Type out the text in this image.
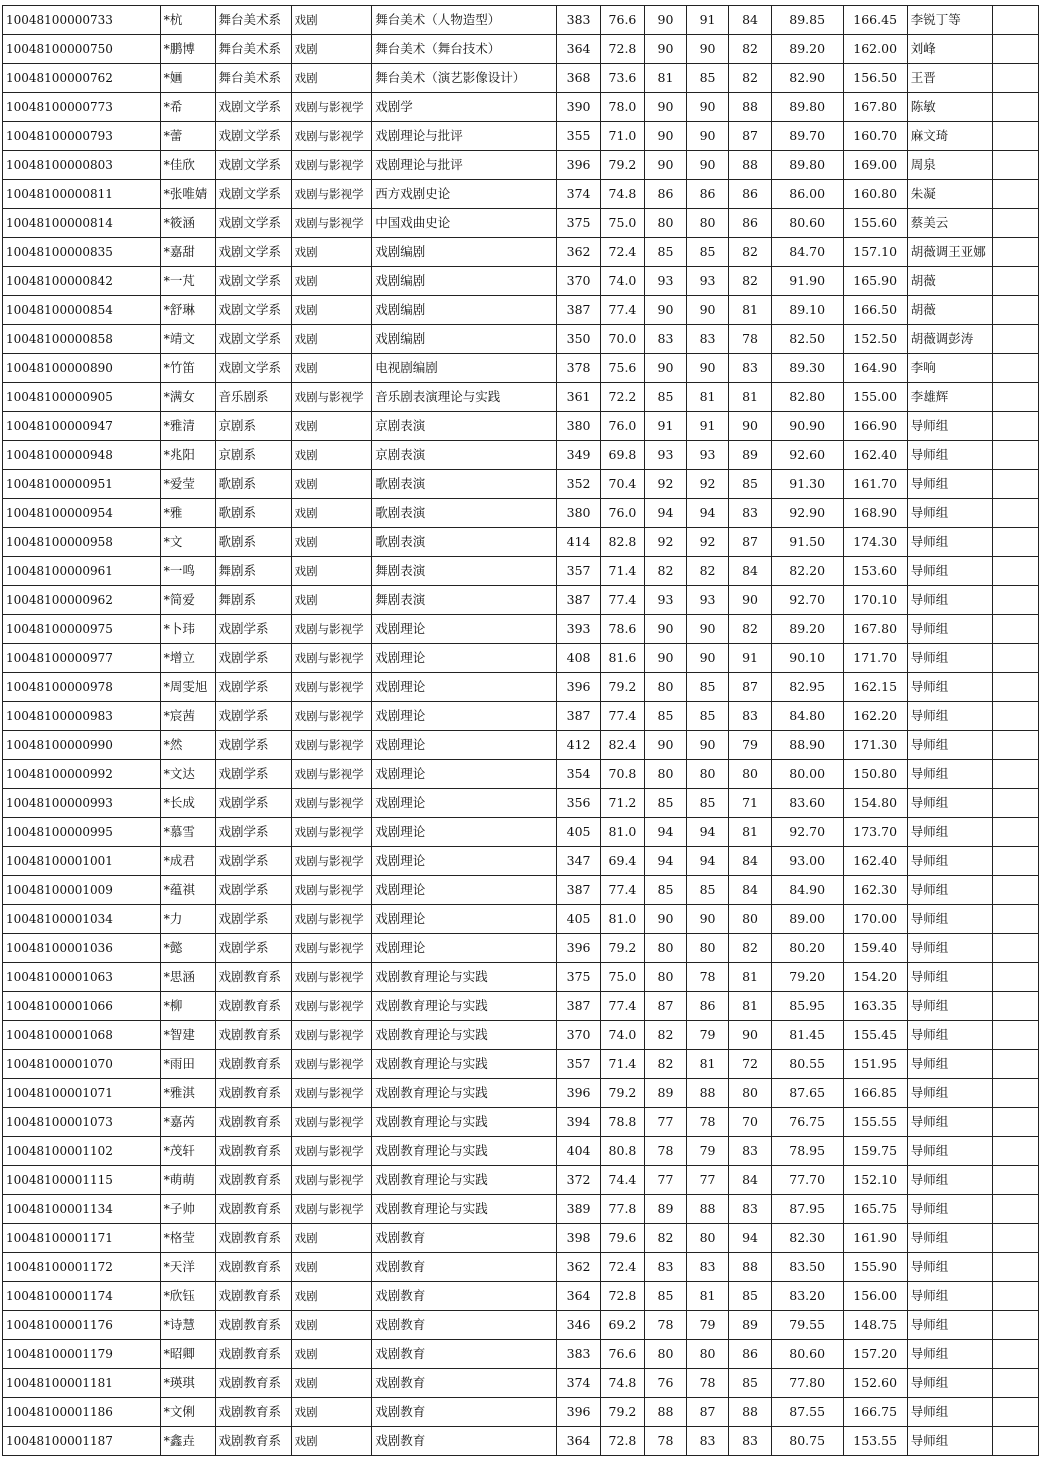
10048100000733	*杭	舞台美术系	戏剧	舞台美术（人物造型）	383	76.6	90	91	84	89.85	166.45	李锐丁等	
10048100000750	*鹏博	舞台美术系	戏剧	舞台美术（舞台技术）	364	72.8	90	90	82	89.20	162.00	刘峰	
10048100000762	*婳	舞台美术系	戏剧	舞台美术（演艺影像设计）	368	73.6	81	85	82	82.90	156.50	王晋	
10048100000773	*希	戏剧文学系	戏剧与影视学	戏剧学	390	78.0	90	90	88	89.80	167.80	陈敏	
10048100000793	*蕾	戏剧文学系	戏剧与影视学	戏剧理论与批评	355	71.0	90	90	87	89.70	160.70	麻文琦	
10048100000803	*佳欣	戏剧文学系	戏剧与影视学	戏剧理论与批评	396	79.2	90	90	88	89.80	169.00	周泉	
10048100000811	*张唯婧	戏剧文学系	戏剧与影视学	西方戏剧史论	374	74.8	86	86	86	86.00	160.80	朱凝	
10048100000814	*筱涵	戏剧文学系	戏剧与影视学	中国戏曲史论	375	75.0	80	80	86	80.60	155.60	蔡美云	
10048100000835	*嘉甜	戏剧文学系	戏剧	戏剧编剧	362	72.4	85	85	82	84.70	157.10	胡薇调王亚娜	
10048100000842	*一芃	戏剧文学系	戏剧	戏剧编剧	370	74.0	93	93	82	91.90	165.90	胡薇	
10048100000854	*舒琳	戏剧文学系	戏剧	戏剧编剧	387	77.4	90	90	81	89.10	166.50	胡薇	
10048100000858	*靖文	戏剧文学系	戏剧	戏剧编剧	350	70.0	83	83	78	82.50	152.50	胡薇调彭涛	
10048100000890	*竹笛	戏剧文学系	戏剧	电视剧编剧	378	75.6	90	90	83	89.30	164.90	李响	
10048100000905	*满女	音乐剧系	戏剧与影视学	音乐剧表演理论与实践	361	72.2	85	81	81	82.80	155.00	李雄辉	
10048100000947	*雅清	京剧系	戏剧	京剧表演	380	76.0	91	91	90	90.90	166.90	导师组	
10048100000948	*兆阳	京剧系	戏剧	京剧表演	349	69.8	93	93	89	92.60	162.40	导师组	
10048100000951	*爱莹	歌剧系	戏剧	歌剧表演	352	70.4	92	92	85	91.30	161.70	导师组	
10048100000954	*雅	歌剧系	戏剧	歌剧表演	380	76.0	94	94	83	92.90	168.90	导师组	
10048100000958	*文	歌剧系	戏剧	歌剧表演	414	82.8	92	92	87	91.50	174.30	导师组	
10048100000961	*一鸣	舞剧系	戏剧	舞剧表演	357	71.4	82	82	84	82.20	153.60	导师组	
10048100000962	*简爱	舞剧系	戏剧	舞剧表演	387	77.4	93	93	90	92.70	170.10	导师组	
10048100000975	*卜玮	戏剧学系	戏剧与影视学	戏剧理论	393	78.6	90	90	82	89.20	167.80	导师组	
10048100000977	*增立	戏剧学系	戏剧与影视学	戏剧理论	408	81.6	90	90	91	90.10	171.70	导师组	
10048100000978	*周雯旭	戏剧学系	戏剧与影视学	戏剧理论	396	79.2	80	85	87	82.95	162.15	导师组	
10048100000983	*宸茜	戏剧学系	戏剧与影视学	戏剧理论	387	77.4	85	85	83	84.80	162.20	导师组	
10048100000990	*然	戏剧学系	戏剧与影视学	戏剧理论	412	82.4	90	90	79	88.90	171.30	导师组	
10048100000992	*文达	戏剧学系	戏剧与影视学	戏剧理论	354	70.8	80	80	80	80.00	150.80	导师组	
10048100000993	*长成	戏剧学系	戏剧与影视学	戏剧理论	356	71.2	85	85	71	83.60	154.80	导师组	
10048100000995	*慕雪	戏剧学系	戏剧与影视学	戏剧理论	405	81.0	94	94	81	92.70	173.70	导师组	
10048100001001	*成君	戏剧学系	戏剧与影视学	戏剧理论	347	69.4	94	94	84	93.00	162.40	导师组	
10048100001009	*蕴祺	戏剧学系	戏剧与影视学	戏剧理论	387	77.4	85	85	84	84.90	162.30	导师组	
10048100001034	*力	戏剧学系	戏剧与影视学	戏剧理论	405	81.0	90	90	80	89.00	170.00	导师组	
10048100001036	*懿	戏剧学系	戏剧与影视学	戏剧理论	396	79.2	80	80	82	80.20	159.40	导师组	
10048100001063	*思涵	戏剧教育系	戏剧与影视学	戏剧教育理论与实践	375	75.0	80	78	81	79.20	154.20	导师组	
10048100001066	*柳	戏剧教育系	戏剧与影视学	戏剧教育理论与实践	387	77.4	87	86	81	85.95	163.35	导师组	
10048100001068	*智建	戏剧教育系	戏剧与影视学	戏剧教育理论与实践	370	74.0	82	79	90	81.45	155.45	导师组	
10048100001070	*雨田	戏剧教育系	戏剧与影视学	戏剧教育理论与实践	357	71.4	82	81	72	80.55	151.95	导师组	
10048100001071	*雅淇	戏剧教育系	戏剧与影视学	戏剧教育理论与实践	396	79.2	89	88	80	87.65	166.85	导师组	
10048100001073	*嘉芮	戏剧教育系	戏剧与影视学	戏剧教育理论与实践	394	78.8	77	78	70	76.75	155.55	导师组	
10048100001102	*茂轩	戏剧教育系	戏剧与影视学	戏剧教育理论与实践	404	80.8	78	79	83	78.95	159.75	导师组	
10048100001115	*萌萌	戏剧教育系	戏剧与影视学	戏剧教育理论与实践	372	74.4	77	77	84	77.70	152.10	导师组	
10048100001134	*子帅	戏剧教育系	戏剧与影视学	戏剧教育理论与实践	389	77.8	89	88	83	87.95	165.75	导师组	
10048100001171	*格莹	戏剧教育系	戏剧	戏剧教育	398	79.6	82	80	94	82.30	161.90	导师组	
10048100001172	*天洋	戏剧教育系	戏剧	戏剧教育	362	72.4	83	83	88	83.50	155.90	导师组	
10048100001174	*欣钰	戏剧教育系	戏剧	戏剧教育	364	72.8	85	81	85	83.20	156.00	导师组	
10048100001176	*诗慧	戏剧教育系	戏剧	戏剧教育	346	69.2	78	79	89	79.55	148.75	导师组	
10048100001179	*昭卿	戏剧教育系	戏剧	戏剧教育	383	76.6	80	80	86	80.60	157.20	导师组	
10048100001181	*瑛琪	戏剧教育系	戏剧	戏剧教育	374	74.8	76	78	85	77.80	152.60	导师组	
10048100001186	*文俐	戏剧教育系	戏剧	戏剧教育	396	79.2	88	87	88	87.55	166.75	导师组	
10048100001187	*鑫垚	戏剧教育系	戏剧	戏剧教育	364	72.8	78	83	83	80.75	153.55	导师组	
